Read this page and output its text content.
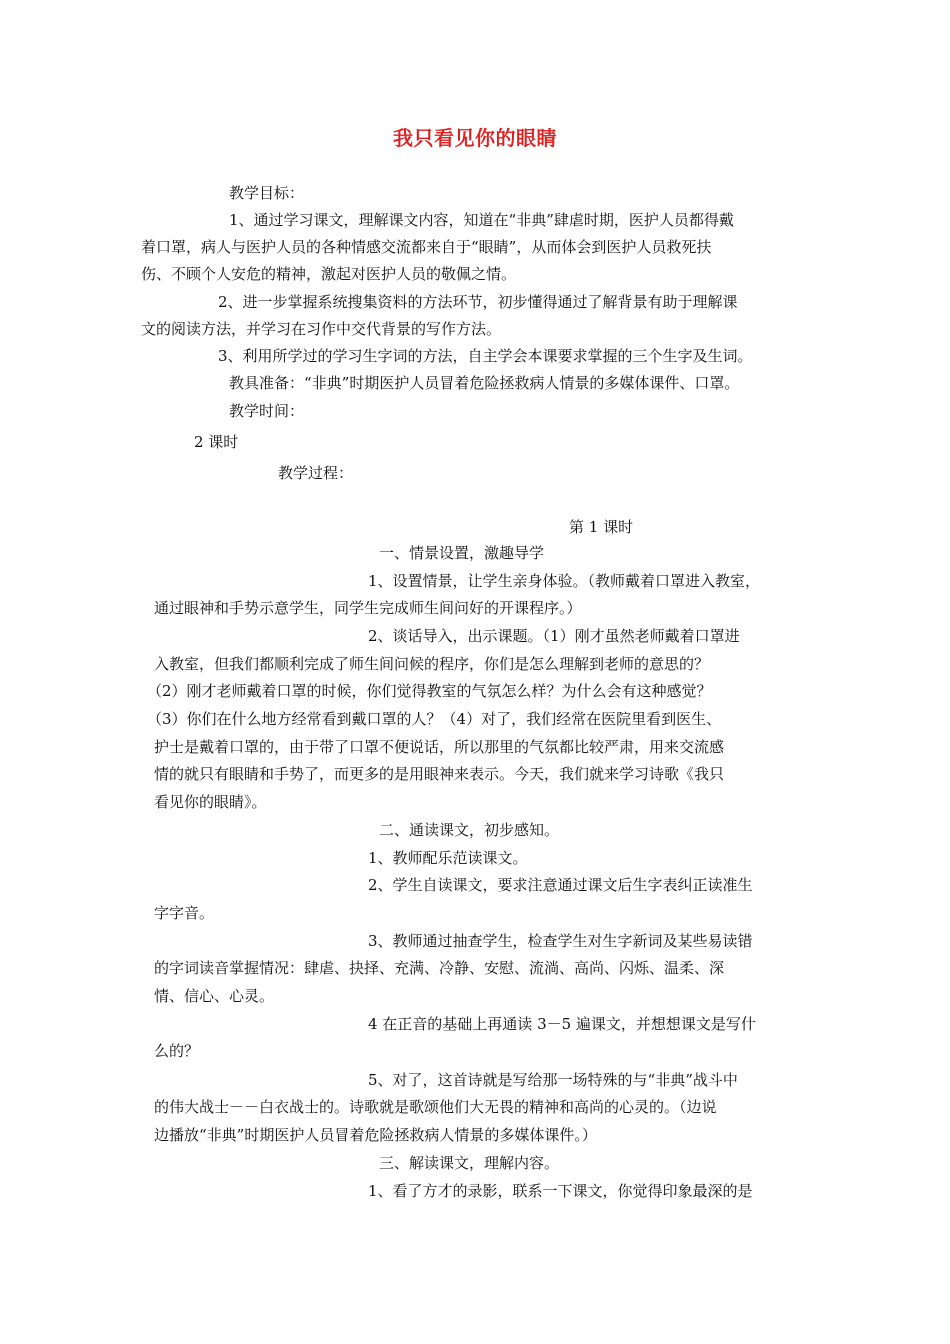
我只看见你的眼睛
教学目标：
1、通过学习课文，理解课文内容，知道在“非典”肆虐时期，医护人员都得戴
着口罩，病人与医护人员的各种情感交流都来自于“眼睛”，从而体会到医护人员救死扶
伤、不顾个人安危的精神，激起对医护人员的敬佩之情。
2、进一步掌握系统搜集资料的方法环节，初步懂得通过了解背景有助于理解课
文的阅读方法，并学习在习作中交代背景的写作方法。
3、利用所学过的学习生字词的方法，自主学会本课要求掌握的三个生字及生词。
教具准备：“非典”时期医护人员冒着危险拯救病人情景的多媒体课件、口罩。
教学时间：
2 课时
教学过程：
第 1 课时
一、情景设置，激趣导学
1、设置情景，让学生亲身体验。（教师戴着口罩进入教室，
通过眼神和手势示意学生，同学生完成师生间问好的开课程序。）
2、谈话导入，出示课题。（1）刚才虽然老师戴着口罩进
入教室，但我们都顺利完成了师生间问候的程序，你们是怎么理解到老师的意思的？
（2）刚才老师戴着口罩的时候，你们觉得教室的气氛怎么样？为什么会有这种感觉？
（3）你们在什么地方经常看到戴口罩的人？（4）对了，我们经常在医院里看到医生、
护士是戴着口罩的，由于带了口罩不便说话，所以那里的气氛都比较严肃，用来交流感
情的就只有眼睛和手势了，而更多的是用眼神来表示。今天，我们就来学习诗歌《我只
看见你的眼睛》。
二、通读课文，初步感知。
1、教师配乐范读课文。
2、学生自读课文，要求注意通过课文后生字表纠正读准生
字字音。
3、教师通过抽查学生，检查学生对生字新词及某些易读错
的字词读音掌握情况：肆虐、抉择、充满、冷静、安慰、流淌、高尚、闪烁、温柔、深
情、信心、心灵。
4 在正音的基础上再通读 3－5 遍课文，并想想课文是写什
么的？
5、对了，这首诗就是写给那一场特殊的与“非典”战斗中
的伟大战士－－白衣战士的。诗歌就是歌颂他们大无畏的精神和高尚的心灵的。（边说
边播放“非典”时期医护人员冒着危险拯救病人情景的多媒体课件。）
三、解读课文，理解内容。
1、看了方才的录影，联系一下课文，你觉得印象最深的是
